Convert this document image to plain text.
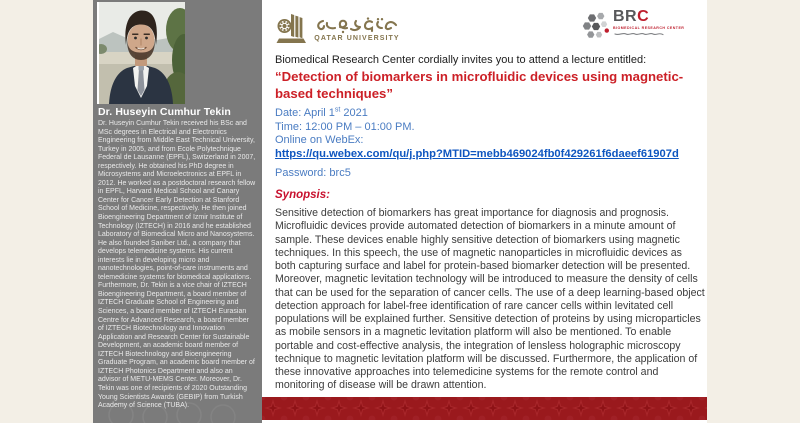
Dr. Huseyin Cumhur Tekin
Dr. Huseyin Cumhur Tekin received his BSc and MSc degrees in Electrical and Electronics Engineering from Middle East Technical University, Turkey in 2005, and from Ecole Polytechnique Federal de Lausanne (EPFL), Switzerland in 2007, respectively. He obtained his PhD degree in Microsystems and Microelectronics at EPFL in 2012. He worked as a postdoctoral research fellow in EPFL, Harvard Medical School and Canary Center for Cancer Early Detection at Stanford School of Medicine, respectively. He then joined Bioengineering Department of Izmir Institute of Technology (IZTECH) in 2016 and he established Laboratory of Biomedical Micro and Nanosystems. He also founded Saniber Ltd., a company that develops telemedicine systems. His current interests lie in developing micro and nanotechnologies, point-of-care instruments and telemedicine systems for biomedical applications. Furthermore, Dr. Tekin is a vice chair of IZTECH Bioengineering Department, a board member of IZTECH Graduate School of Engineering and Sciences, a board member of IZTECH Eurasian Centre for Advanced Research, a board member of IZTECH Biotechnology and Innovation Application and Research Center for Sustainable Development, an academic board member of IZTECH Biotechnology and Bioengineering Graduate Program, an academic board member of IZTECH Photonics Department and also an advisor of METU-MEMS Center. Moreover, Dr. Tekin was one of recipients of 2020 Outstanding Young Scientists Awards (GEBIP) from Turkish Academy of Science (TUBA).
QATAR UNIVERSITY
BRC
BIOMEDICAL RESEARCH CENTER
Biomedical Research Center cordially invites you to attend a lecture entitled:
“Detection of biomarkers in microfluidic devices using magnetic-based techniques”
Date: April 1st 2021
Time: 12:00 PM – 01:00 PM.
Online on WebEx:
https://qu.webex.com/qu/j.php?MTID=mebb469024fb0f429261f6daeef61907d
Password: brc5
Synopsis:
Sensitive detection of biomarkers has great importance for diagnosis and prognosis. Microfluidic devices provide automated detection of biomarkers in a minute amount of sample. These devices enable highly sensitive detection of biomarkers using magnetic techniques. In this speech, the use of magnetic nanoparticles in microfluidic devices as both capturing surface and label for protein-based biomarker detection will be presented. Moreover, magnetic levitation technology will be introduced to measure the density of cells that can be used for the separation of cancer cells. The use of a deep learning-based object detection approach for label-free identification of rare cancer cells within levitated cell populations will be explained further. Sensitive detection of proteins by using microparticles as mobile sensors in a magnetic levitation platform will also be mentioned. To enable portable and cost-effective analysis, the integration of lensless holographic microscopy technique to magnetic levitation platform will be discussed. Furthermore, the application of these innovative approaches into telemedicine systems for the remote control and monitoring of disease will be drawn attention.
